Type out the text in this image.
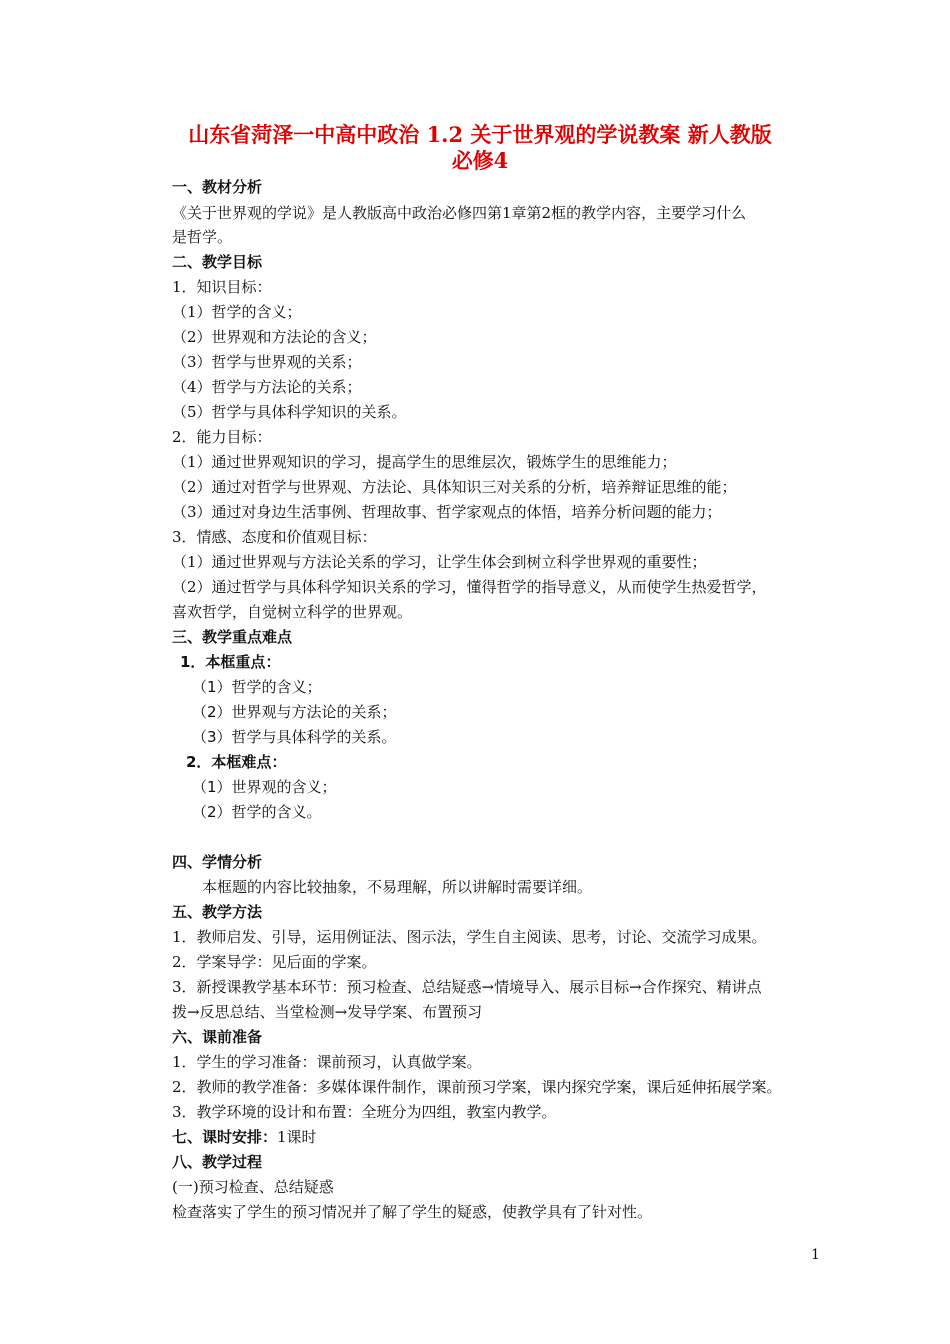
山东省菏泽一中高中政治 1.2 关于世界观的学说教案 新人教版
必修4
一、教材分析
《关于世界观的学说》是人教版高中政治必修四第1章第2框的教学内容，主要学习什么
是哲学。
二、教学目标
1．知识目标：
（1）哲学的含义；
（2）世界观和方法论的含义；
（3）哲学与世界观的关系；
（4）哲学与方法论的关系；
（5）哲学与具体科学知识的关系。
2．能力目标：
（1）通过世界观知识的学习，提高学生的思维层次，锻炼学生的思维能力；
（2）通过对哲学与世界观、方法论、具体知识三对关系的分析，培养辩证思维的能；
（3）通过对身边生活事例、哲理故事、哲学家观点的体悟，培养分析问题的能力；
3．情感、态度和价值观目标：
（1）通过世界观与方法论关系的学习，让学生体会到树立科学世界观的重要性；
（2）通过哲学与具体科学知识关系的学习，懂得哲学的指导意义，从而使学生热爱哲学，
喜欢哲学，自觉树立科学的世界观。
三、教学重点难点
1．本框重点：
（1）哲学的含义；
（2）世界观与方法论的关系；
（3）哲学与具体科学的关系。
2．本框难点：
（1）世界观的含义；
（2）哲学的含义。
四、学情分析
本框题的内容比较抽象，不易理解，所以讲解时需要详细。
五、教学方法
1．教师启发、引导，运用例证法、图示法，学生自主阅读、思考，讨论、交流学习成果。
2．学案导学：见后面的学案。
3．新授课教学基本环节：预习检查、总结疑惑→情境导入、展示目标→合作探究、精讲点
拨→反思总结、当堂检测→发导学案、布置预习
六、课前准备
1．学生的学习准备：课前预习，认真做学案。
2．教师的教学准备：多媒体课件制作，课前预习学案，课内探究学案，课后延伸拓展学案。
3．教学环境的设计和布置：全班分为四组，教室内教学。
七、课时安排：1课时
八、教学过程
(一)预习检查、总结疑惑
检查落实了学生的预习情况并了解了学生的疑惑，使教学具有了针对性。
1
